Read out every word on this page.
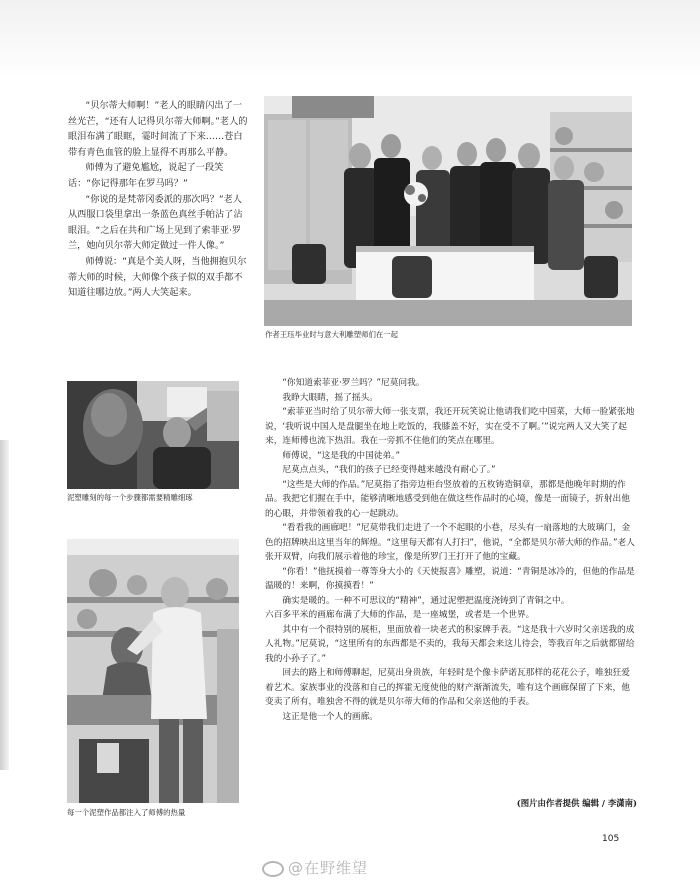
“贝尔蒂大师啊！”老人的眼睛闪出了一丝光芒，“还有人记得贝尔蒂大师啊。”老人的眼泪布满了眼眶，霎时间流了下来……苍白带有青色血管的脸上显得不再那么平静。

师傅为了避免尴尬，说起了一段笑话：“你记得那年在罗马吗？”

“你说的是梵蒂冈委派的那次吗？”老人从西服口袋里拿出一条蓝色真丝手帕沾了沾眼泪。“之后在共和广场上见到了索菲亚·罗兰，她向贝尔蒂大师定做过一件人像。”

师傅说：“真是个美人呀，当他拥抱贝尔蒂大师的时候，大师像个孩子似的双手都不知道往哪边放。”两人大笑起来。

作者王珏毕业时与意大利雕塑师们在一起
泥塑雕刻的每一个步骤都需要精雕细琢
每一个泥塑作品都注入了师傅的热量

“你知道索菲亚·罗兰吗？”尼莫问我。

我睁大眼睛，摇了摇头。

“索菲亚当时给了贝尔蒂大师一张支票，我还开玩笑说让他请我们吃中国菜，大师一脸紧张地说，‘我听说中国人是盘腿坐在地上吃饭的，我膝盖不好，实在受不了啊。’”说完两人又大笑了起来，连师傅也流下热泪。我在一旁抓不住他们的笑点在哪里。

师傅说，“这是我的中国徒弟。”

尼莫点点头，“我们的孩子已经变得越来越没有耐心了。”

“这些是大师的作品。”尼莫指了指旁边柜台竖放着的五枚铸造铜章，那都是他晚年时期的作品。我把它们握在手中，能够清晰地感受到他在做这些作品时的心境，像是一面镜子，折射出他的心眼，并带领着我的心一起跳动。

“看看我的画廊吧！”尼莫带我们走进了一个不起眼的小巷，尽头有一扇落地的大玻璃门，金色的招牌映出这里当年的辉煌。“这里每天都有人打扫”，他说，“全都是贝尔蒂大师的作品。”老人张开双臂，向我们展示着他的珍宝，像是所罗门王打开了他的宝藏。

“你看！”他抚摸着一尊等身大小的《天使报喜》雕塑，说道：“青铜是冰冷的，但他的作品是温暖的！来啊，你摸摸看！”

确实是暖的。一种不可思议的“精神”，通过泥塑把温度浇铸到了青铜之中。

六百多平米的画廊布满了大师的作品，是一座城堡，或者是一个世界。

其中有一个很特别的展柜，里面放着一块老式的积家牌手表。“这是我十六岁时父亲送我的成人礼物。”尼莫说，“这里所有的东西都是不卖的，我每天都会来这儿待会，等我百年之后就都留给我的小孙子了。”

回去的路上和师傅聊起，尼莫出身贵族，年轻时是个像卡萨诺瓦那样的花花公子，唯独狂爱着艺术。家族事业的没落和自己的挥霍无度使他的财产渐渐流失，唯有这个画廊保留了下来，他变卖了所有，唯独舍不得的就是贝尔蒂大师的作品和父亲送他的手表。

这正是他一个人的画廊。

(图片由作者提供 编辑 / 李潇南)
105
@在野维望
